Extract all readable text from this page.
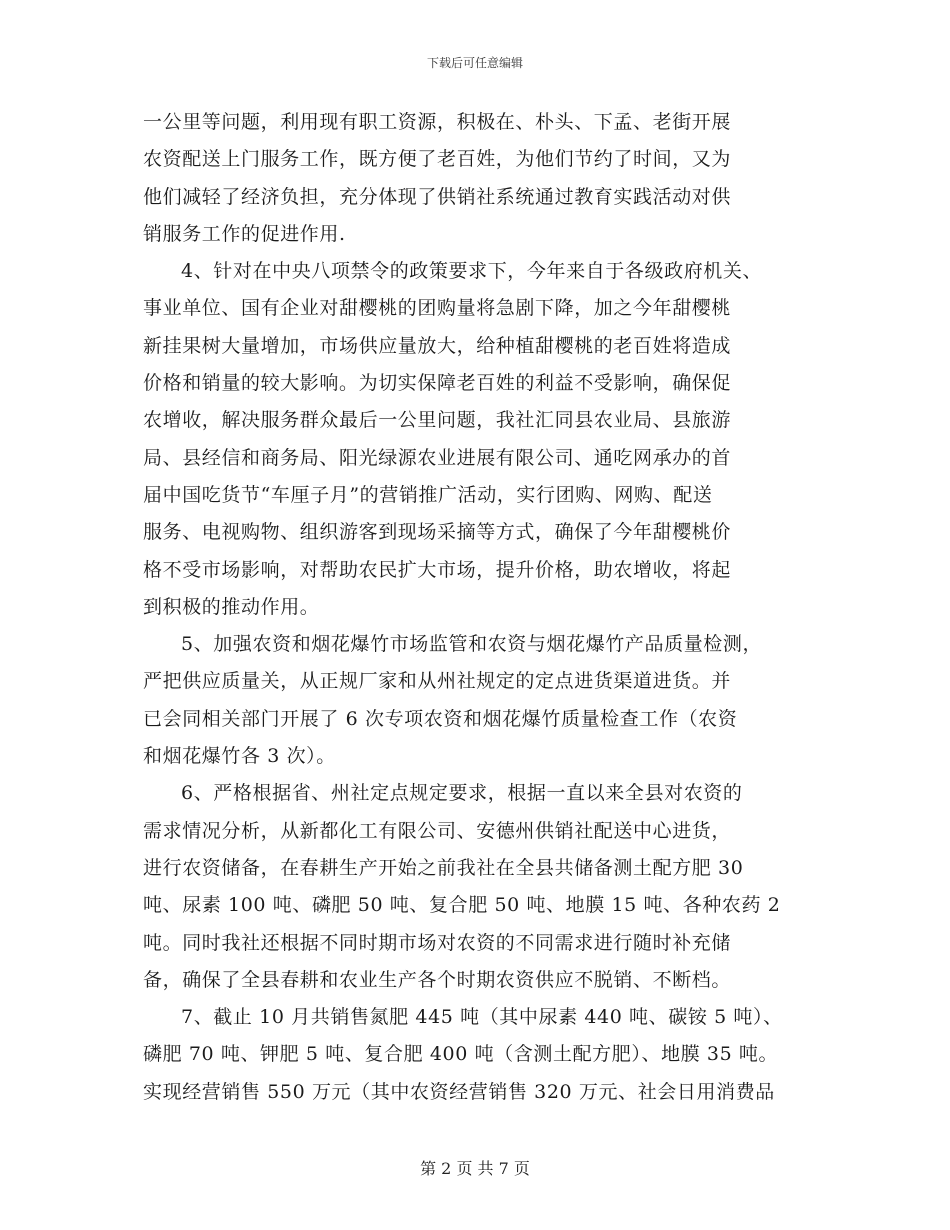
下载后可任意编辑
一公里等问题，利用现有职工资源，积极在、朴头、下孟、老街开展
农资配送上门服务工作，既方便了老百姓，为他们节约了时间，又为
他们减轻了经济负担，充分体现了供销社系统通过教育实践活动对供
销服务工作的促进作用.
4、针对在中央八项禁令的政策要求下，今年来自于各级政府机关、
事业单位、国有企业对甜樱桃的团购量将急剧下降，加之今年甜樱桃
新挂果树大量增加，市场供应量放大，给种植甜樱桃的老百姓将造成
价格和销量的较大影响。为切实保障老百姓的利益不受影响，确保促
农增收，解决服务群众最后一公里问题，我社汇同县农业局、县旅游
局、县经信和商务局、阳光绿源农业进展有限公司、通吃网承办的首
届中国吃货节“车厘子月”的营销推广活动，实行团购、网购、配送
服务、电视购物、组织游客到现场采摘等方式，确保了今年甜樱桃价
格不受市场影响，对帮助农民扩大市场，提升价格，助农增收，将起
到积极的推动作用。
5、加强农资和烟花爆竹市场监管和农资与烟花爆竹产品质量检测，
严把供应质量关，从正规厂家和从州社规定的定点进货渠道进货。并
已会同相关部门开展了 6 次专项农资和烟花爆竹质量检查工作（农资
和烟花爆竹各 3 次）。
6、严格根据省、州社定点规定要求，根据一直以来全县对农资的
需求情况分析，从新都化工有限公司、安德州供销社配送中心进货，
进行农资储备，在春耕生产开始之前我社在全县共储备测土配方肥 30
吨、尿素 100 吨、磷肥 50 吨、复合肥 50 吨、地膜 15 吨、各种农药 2
吨。同时我社还根据不同时期市场对农资的不同需求进行随时补充储
备，确保了全县春耕和农业生产各个时期农资供应不脱销、不断档。
7、截止 10 月共销售氮肥 445 吨（其中尿素 440 吨、碳铵 5 吨）、
磷肥 70 吨、钾肥 5 吨、复合肥 400 吨（含测土配方肥）、地膜 35 吨。
实现经营销售 550 万元（其中农资经营销售 320 万元、社会日用消费品
第 2 页 共 7 页
